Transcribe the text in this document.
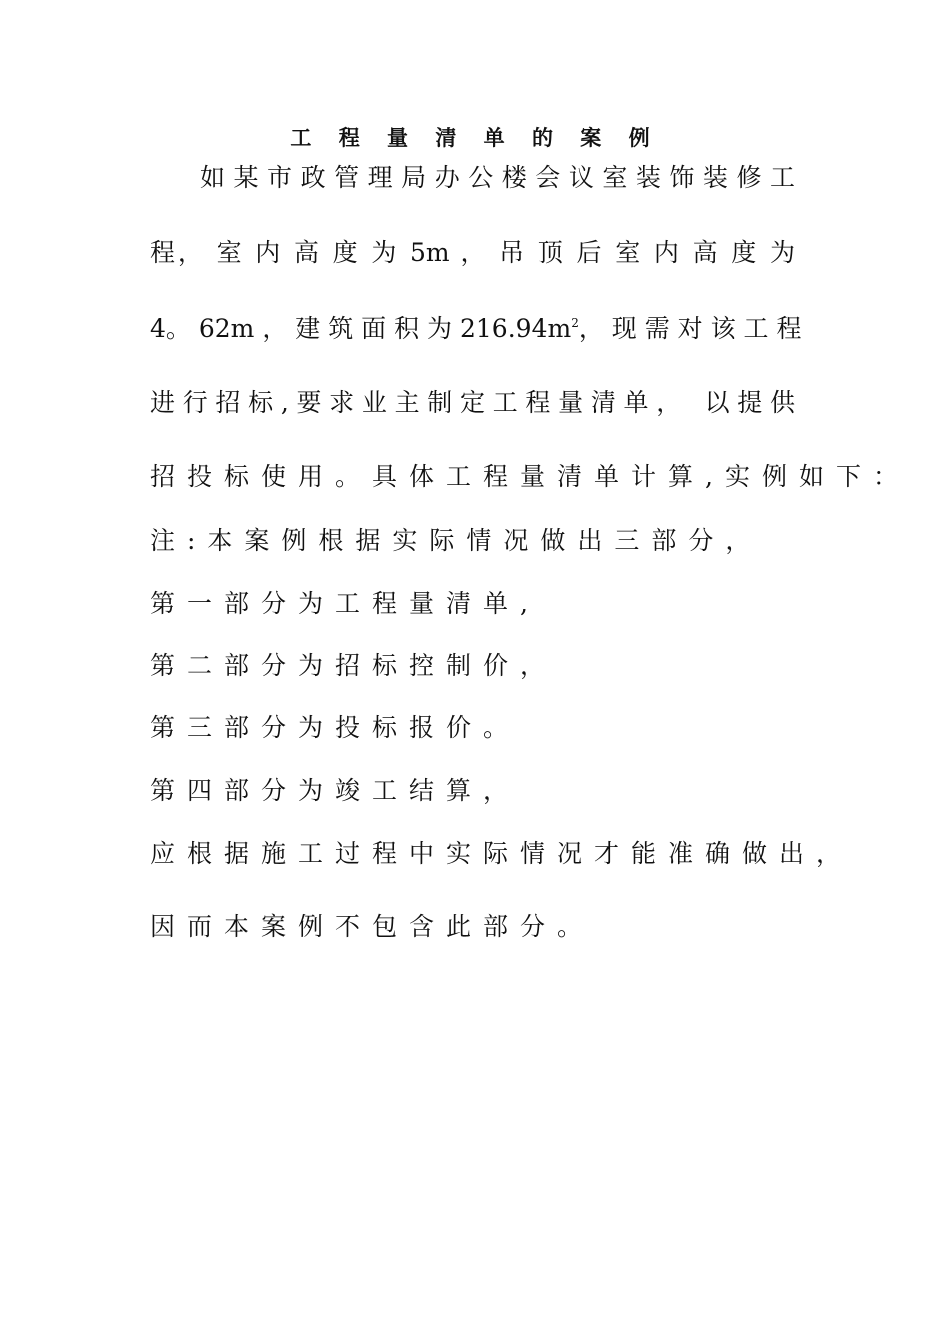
工 程 量 清 单 的 案 例
如某市政管理局办公楼会议室装饰装修工
程， 室 内 高 度 为 5m ， 吊 顶 后 室 内 高 度 为
4。 62m ， 建 筑 面 积 为 $216.94m^2$ ， 现 需 对 该 工 程
进行招标,要求业主制定工程量清单， 以提供
招投标使用。具体工程量清单计算,实例如下：
注:本案例根据实际情况做出三部分，
第一部分为工程量清单,
第二部分为招标控制价，
第三部分为投标报价。
第四部分为竣工结算，
应根据施工过程中实际情况才能准确做出，
因而本案例不包含此部分。
